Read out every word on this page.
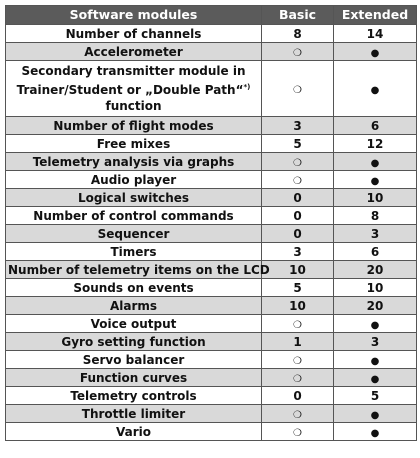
Software modules	Basic	Extended
Number of channels	8	14
Accelerometer	❍	●
Secondary transmitter module in Trainer/Student or „Double Path“*) function	❍	●
Number of flight modes	3	6
Free mixes	5	12
Telemetry analysis via graphs	❍	●
Audio player	❍	●
Logical switches	0	10
Number of control commands	0	8
Sequencer	0	3
Timers	3	6
Number of telemetry items on the LCD	10	20
Sounds on events	5	10
Alarms	10	20
Voice output	❍	●
Gyro setting function	1	3
Servo balancer	❍	●
Function curves	❍	●
Telemetry controls	0	5
Throttle limiter	❍	●
Vario	❍	●
